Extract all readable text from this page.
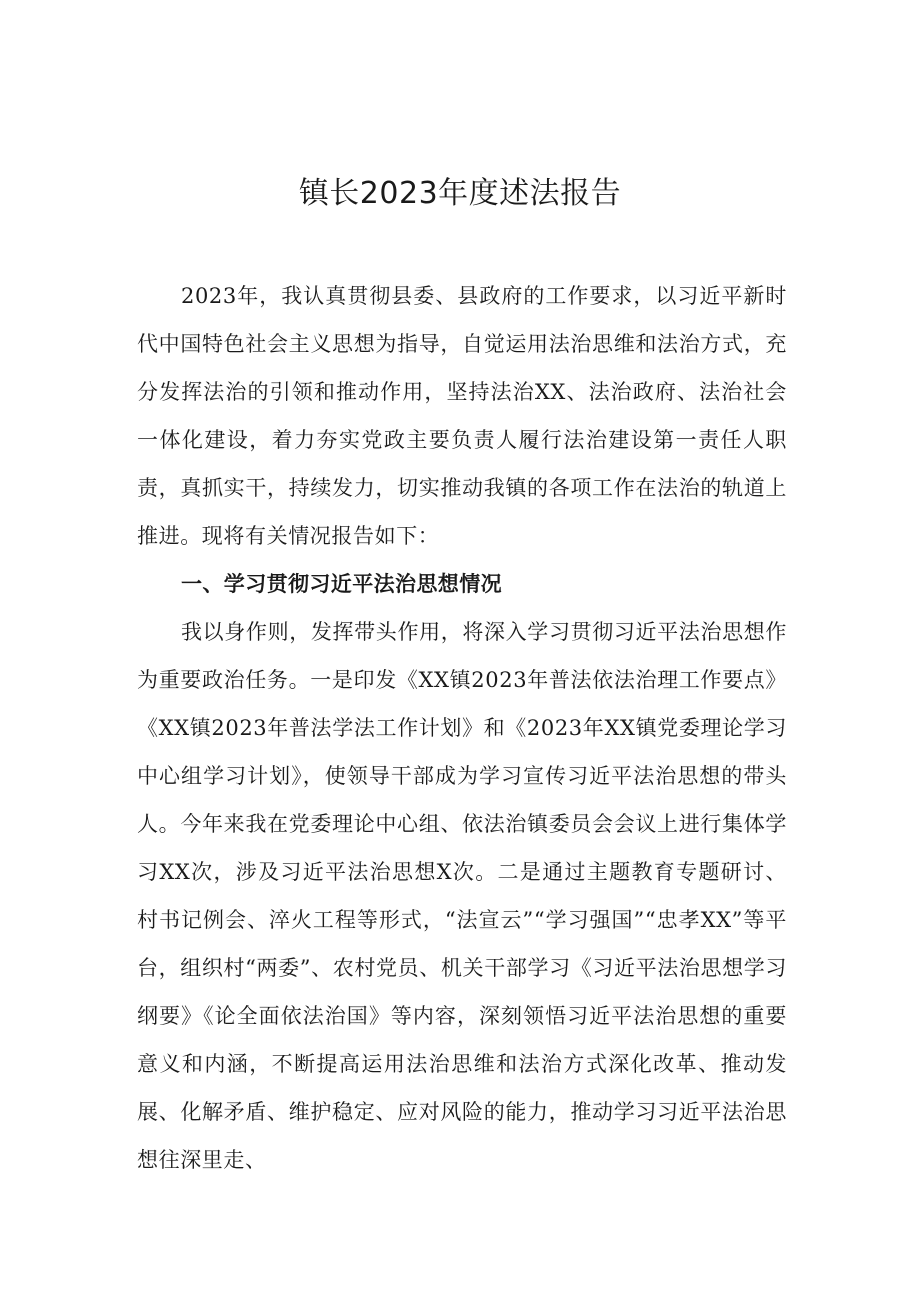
镇长2023年度述法报告

2023年，我认真贯彻县委、县政府的工作要求，以习近平新时代中国特色社会主义思想为指导，自觉运用法治思维和法治方式，充分发挥法治的引领和推动作用，坚持法治XX、法治政府、法治社会一体化建设，着力夯实党政主要负责人履行法治建设第一责任人职责，真抓实干，持续发力，切实推动我镇的各项工作在法治的轨道上推进。现将有关情况报告如下：

一、学习贯彻习近平法治思想情况

我以身作则，发挥带头作用，将深入学习贯彻习近平法治思想作为重要政治任务。一是印发《XX镇2023年普法依法治理工作要点》《XX镇2023年普法学法工作计划》和《2023年XX镇党委理论学习中心组学习计划》，使领导干部成为学习宣传习近平法治思想的带头人。今年来我在党委理论中心组、依法治镇委员会会议上进行集体学习XX次，涉及习近平法治思想X次。二是通过主题教育专题研讨、村书记例会、淬火工程等形式，“法宣云”“学习强国”“忠孝XX”等平台，组织村“两委”、农村党员、机关干部学习《习近平法治思想学习纲要》《论全面依法治国》等内容，深刻领悟习近平法治思想的重要意义和内涵，不断提高运用法治思维和法治方式深化改革、推动发展、化解矛盾、维护稳定、应对风险的能力，推动学习习近平法治思想往深里走、
